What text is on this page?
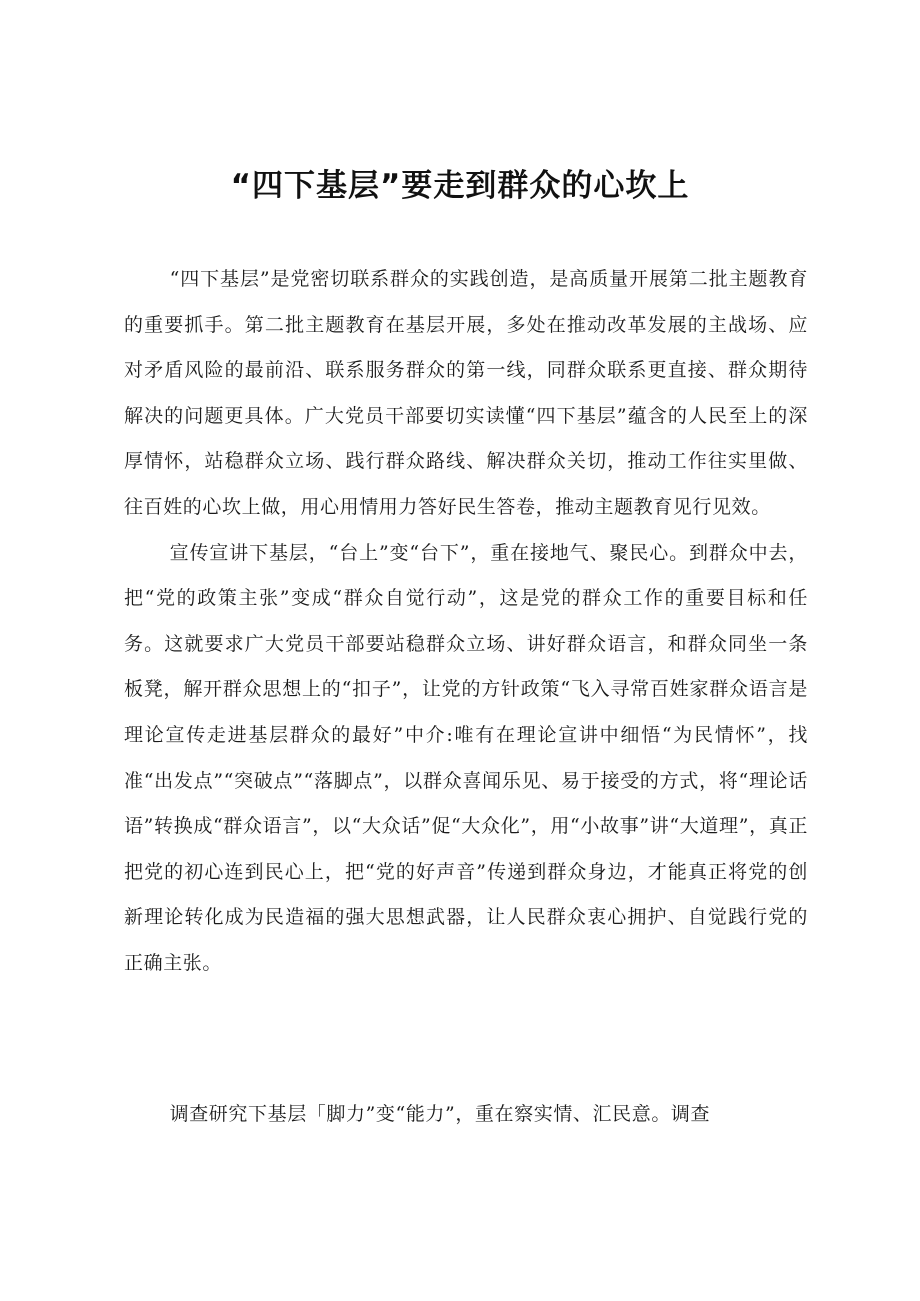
“四下基层”要走到群众的心坎上

“四下基层”是党密切联系群众的实践创造，是高质量开展第二批主题教育的重要抓手。第二批主题教育在基层开展，多处在推动改革发展的主战场、应对矛盾风险的最前沿、联系服务群众的第一线，同群众联系更直接、群众期待解决的问题更具体。广大党员干部要切实读懂“四下基层”蕴含的人民至上的深厚情怀，站稳群众立场、践行群众路线、解决群众关切，推动工作往实里做、往百姓的心坎上做，用心用情用力答好民生答卷，推动主题教育见行见效。

宣传宣讲下基层，“台上”变“台下”，重在接地气、聚民心。到群众中去，把“党的政策主张”变成“群众自觉行动”，这是党的群众工作的重要目标和任务。这就要求广大党员干部要站稳群众立场、讲好群众语言，和群众同坐一条板凳，解开群众思想上的“扣子”，让党的方针政策“飞入寻常百姓家群众语言是理论宣传走进基层群众的最好”中介:唯有在理论宣讲中细悟“为民情怀”，找准“出发点”“突破点”“落脚点”，以群众喜闻乐见、易于接受的方式，将“理论话语”转换成“群众语言”，以“大众话”促“大众化”，用“小故事”讲“大道理”，真正把党的初心连到民心上，把“党的好声音”传递到群众身边，才能真正将党的创新理论转化成为民造福的强大思想武器，让人民群众衷心拥护、自觉践行党的正确主张。

调查研究下基层「脚力”变“能力”，重在察实情、汇民意。调查
